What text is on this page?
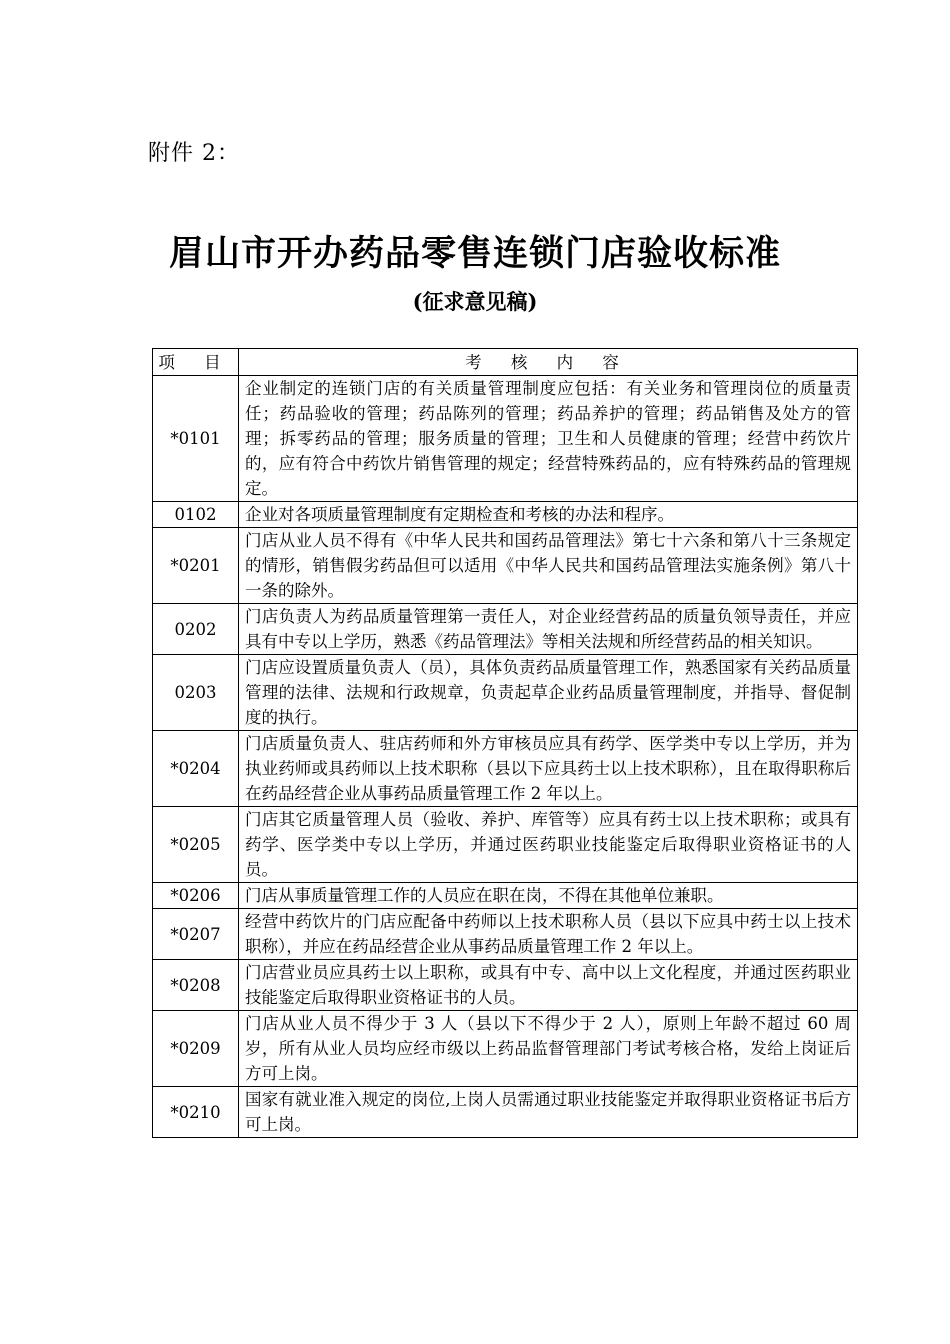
附件 2：
眉山市开办药品零售连锁门店验收标准
(征求意见稿)
项 目	考 核 内 容
*0101	企业制定的连锁门店的有关质量管理制度应包括：有关业务和管理岗位的质量责任；药品验收的管理；药品陈列的管理；药品养护的管理；药品销售及处方的管理；拆零药品的管理；服务质量的管理；卫生和人员健康的管理；经营中药饮片的，应有符合中药饮片销售管理的规定；经营特殊药品的，应有特殊药品的管理规定。
0102	企业对各项质量管理制度有定期检查和考核的办法和程序。
*0201	门店从业人员不得有《中华人民共和国药品管理法》第七十六条和第八十三条规定的情形，销售假劣药品但可以适用《中华人民共和国药品管理法实施条例》第八十一条的除外。
0202	门店负责人为药品质量管理第一责任人，对企业经营药品的质量负领导责任，并应具有中专以上学历，熟悉《药品管理法》等相关法规和所经营药品的相关知识。
0203	门店应设置质量负责人（员），具体负责药品质量管理工作，熟悉国家有关药品质量管理的法律、法规和行政规章，负责起草企业药品质量管理制度，并指导、督促制度的执行。
*0204	门店质量负责人、驻店药师和外方审核员应具有药学、医学类中专以上学历，并为执业药师或具药师以上技术职称（县以下应具药士以上技术职称），且在取得职称后在药品经营企业从事药品质量管理工作 2 年以上。
*0205	门店其它质量管理人员（验收、养护、库管等）应具有药士以上技术职称；或具有药学、医学类中专以上学历，并通过医药职业技能鉴定后取得职业资格证书的人员。
*0206	门店从事质量管理工作的人员应在职在岗，不得在其他单位兼职。
*0207	经营中药饮片的门店应配备中药师以上技术职称人员（县以下应具中药士以上技术职称），并应在药品经营企业从事药品质量管理工作 2 年以上。
*0208	门店营业员应具药士以上职称，或具有中专、高中以上文化程度，并通过医药职业技能鉴定后取得职业资格证书的人员。
*0209	门店从业人员不得少于 3 人（县以下不得少于 2 人），原则上年龄不超过 60 周岁，所有从业人员均应经市级以上药品监督管理部门考试考核合格，发给上岗证后方可上岗。
*0210	国家有就业准入规定的岗位,上岗人员需通过职业技能鉴定并取得职业资格证书后方可上岗。
